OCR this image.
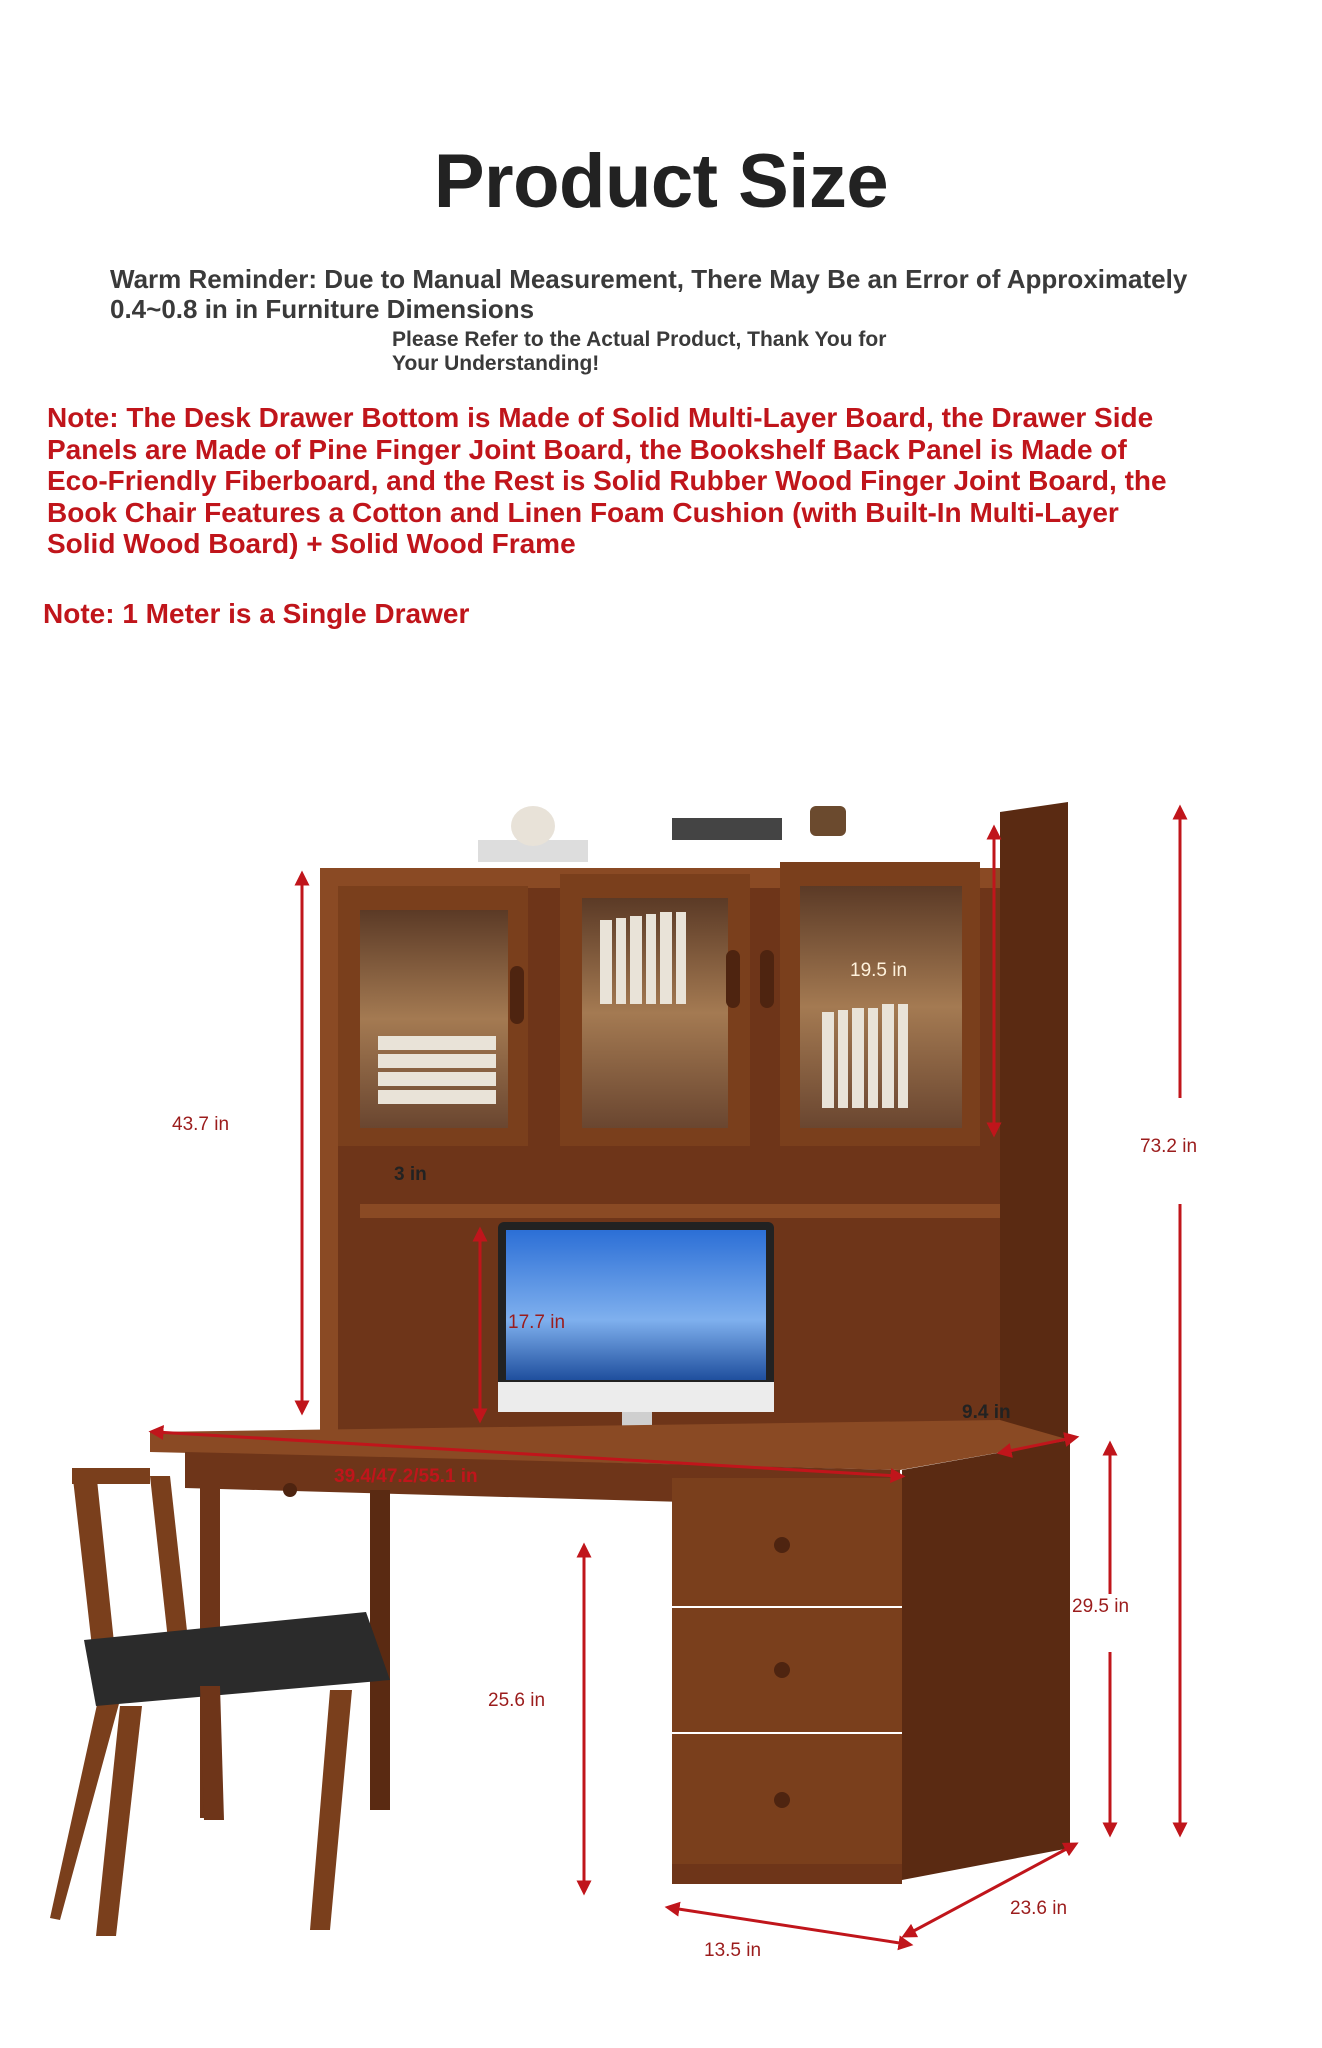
Product Size
Warm Reminder: Due to Manual Measurement, There May Be an Error of Approximately 0.4~0.8 in in Furniture Dimensions
Please Refer to the Actual Product, Thank You for Your Understanding!
Note: The Desk Drawer Bottom is Made of Solid Multi-Layer Board, the Drawer Side Panels are Made of Pine Finger Joint Board, the Bookshelf Back Panel is Made of Eco-Friendly Fiberboard, and the Rest is Solid Rubber Wood Finger Joint Board, the Book Chair Features a Cotton and Linen Foam Cushion (with Built-In Multi-Layer Solid Wood Board) + Solid Wood Frame
Note: 1 Meter is a Single Drawer
19.5 in
43.7 in
3 in
73.2 in
17.7 in
9.4 in
39.4/47.2/55.1 in
29.5 in
25.6 in
23.6 in
13.5 in
